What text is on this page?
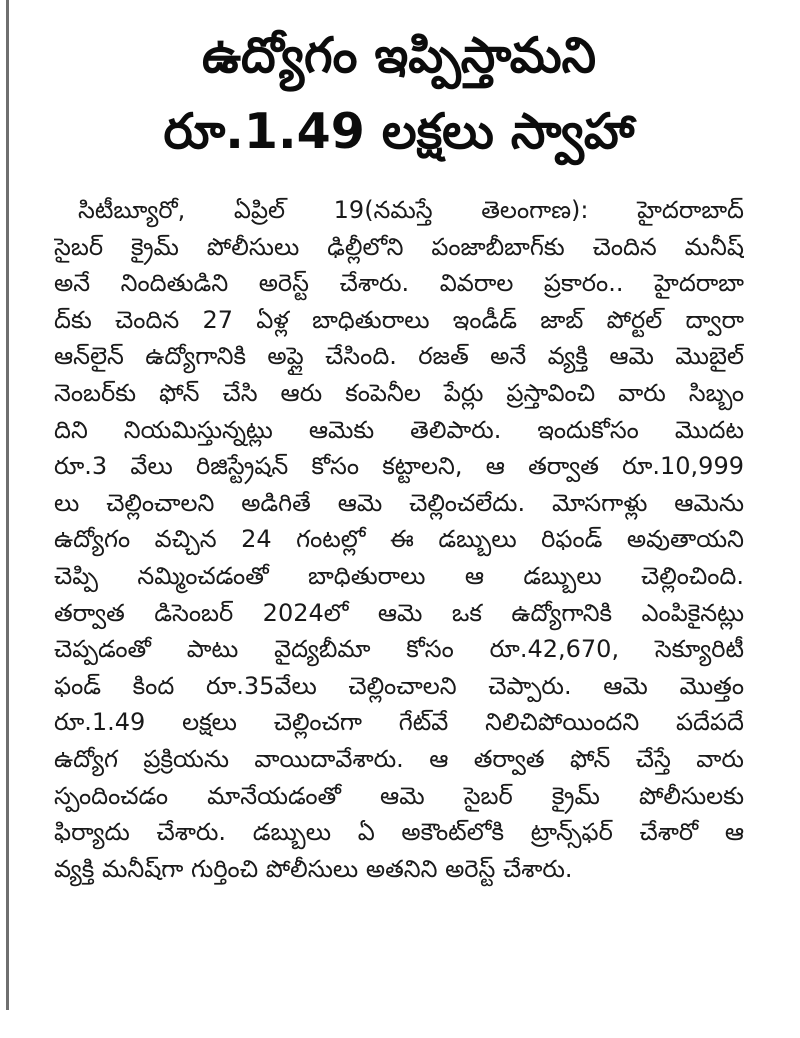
ఉద్యోగం ఇప్పిస్తామని
రూ.1.49 లక్షలు స్వాహా
సిటీబ్యూరో, ఏప్రిల్ 19(నమస్తే తెలంగాణ): హైదరాబాద్
సైబర్ క్రైమ్ పోలీసులు ఢిల్లీలోని పంజాబీబాగ్‌కు చెందిన మనీష్
అనే నిందితుడిని అరెస్ట్ చేశారు. వివరాల ప్రకారం.. హైదరాబా
ద్‌కు చెందిన 27 ఏళ్ల బాధితురాలు ఇండీడ్ జాబ్ పోర్టల్ ద్వారా
ఆన్‌లైన్ ఉద్యోగానికి అప్లై చేసింది. రజత్ అనే వ్యక్తి ఆమె మొబైల్
నెంబర్‌కు ఫోన్ చేసి ఆరు కంపెనీల పేర్లు ప్రస్తావించి వారు సిబ్బం
దిని నియమిస్తున్నట్లు ఆమెకు తెలిపారు. ఇందుకోసం మొదట
రూ.3 వేలు రిజిస్ట్రేషన్ కోసం కట్టాలని, ఆ తర్వాత రూ.10,999
లు చెల్లించాలని అడిగితే ఆమె చెల్లించలేదు. మోసగాళ్లు ఆమెను
ఉద్యోగం వచ్చిన 24 గంటల్లో ఈ డబ్బులు రిఫండ్ అవుతాయని
చెప్పి నమ్మించడంతో బాధితురాలు ఆ డబ్బులు చెల్లించింది.
తర్వాత డిసెంబర్ 2024లో ఆమె ఒక ఉద్యోగానికి ఎంపికైనట్లు
చెప్పడంతో పాటు వైద్యబీమా కోసం రూ.42,670, సెక్యూరిటీ
ఫండ్ కింద రూ.35వేలు చెల్లించాలని చెప్పారు. ఆమె మొత్తం
రూ.1.49 లక్షలు చెల్లించగా గేట్‌వే నిలిచిపోయిందని పదేపదే
ఉద్యోగ ప్రక్రియను వాయిదావేశారు. ఆ తర్వాత ఫోన్ చేస్తే వారు
స్పందించడం మానేయడంతో ఆమె సైబర్ క్రైమ్ పోలీసులకు
ఫిర్యాదు చేశారు. డబ్బులు ఏ అకౌంట్‌లోకి ట్రాన్స్‌ఫర్ చేశారో ఆ
వ్యక్తి మనీష్‌గా గుర్తించి పోలీసులు అతనిని అరెస్ట్ చేశారు.
